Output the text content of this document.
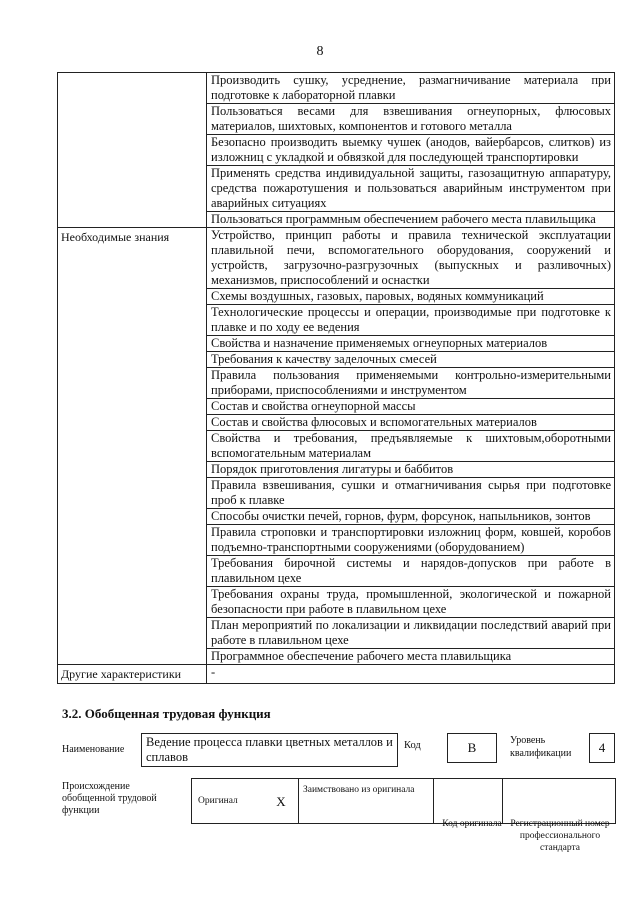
8
	Производить сушку, усреднение, размагничивание материала при подготовке к лабораторной плавки
	Пользоваться весами для взвешивания огнеупорных, флюсовых материалов, шихтовых, компонентов и готового металла
	Безопасно производить выемку чушек (анодов, вайербарсов, слитков) из изложниц с укладкой и обвязкой для последующей транспортировки
	Применять средства индивидуальной защиты, газозащитную аппаратуру, средства пожаротушения и пользоваться аварийным инструментом при аварийных ситуациях
	Пользоваться программным обеспечением рабочего места плавильщика
Необходимые знания	Устройство, принцип работы и правила технической эксплуатации плавильной печи, вспомогательного оборудования, сооружений и устройств, загрузочно-разгрузочных (выпускных и разливочных) механизмов, приспособлений и оснастки
	Схемы воздушных, газовых, паровых, водяных коммуникаций
	Технологические процессы и операции, производимые при подготовке к плавке и по ходу ее ведения
	Свойства и назначение применяемых огнеупорных материалов
	Требования к качеству заделочных смесей
	Правила пользования применяемыми контрольно-измерительными приборами, приспособлениями и инструментом
	Состав и свойства огнеупорной массы
	Состав и свойства флюсовых и вспомогательных материалов
	Свойства и требования, предъявляемые к шихтовым,оборотными вспомогательным материалам
	Порядок приготовления лигатуры и баббитов
	Правила взвешивания, сушки и отмагничивания сырья при подготовке проб к плавке
	Способы очистки печей, горнов, фурм, форсунок, напыльников, зонтов
	Правила строповки и транспортировки изложниц форм, ковшей, коробов подъемно-транспортными сооружениями (оборудованием)
	Требования бирочной системы и нарядов-допусков при работе в плавильном цехе
	Требования охраны труда, промышленной, экологической и пожарной безопасности при работе в плавильном цехе
	План мероприятий по локализации и ликвидации последствий аварий при работе в плавильном цехе
	Программное обеспечение рабочего места плавильщика
Другие характеристики	-
3.2. Обобщенная трудовая функция
Наименование
Ведение процесса плавки цветных металлов и сплавов
Код	В	Уровень квалификации	4
Происхождение обобщенной трудовой функции
Оригинал	Х	Заимствовано из оригинала		
Код оригинала Регистрационный номер профессионального стандарта
